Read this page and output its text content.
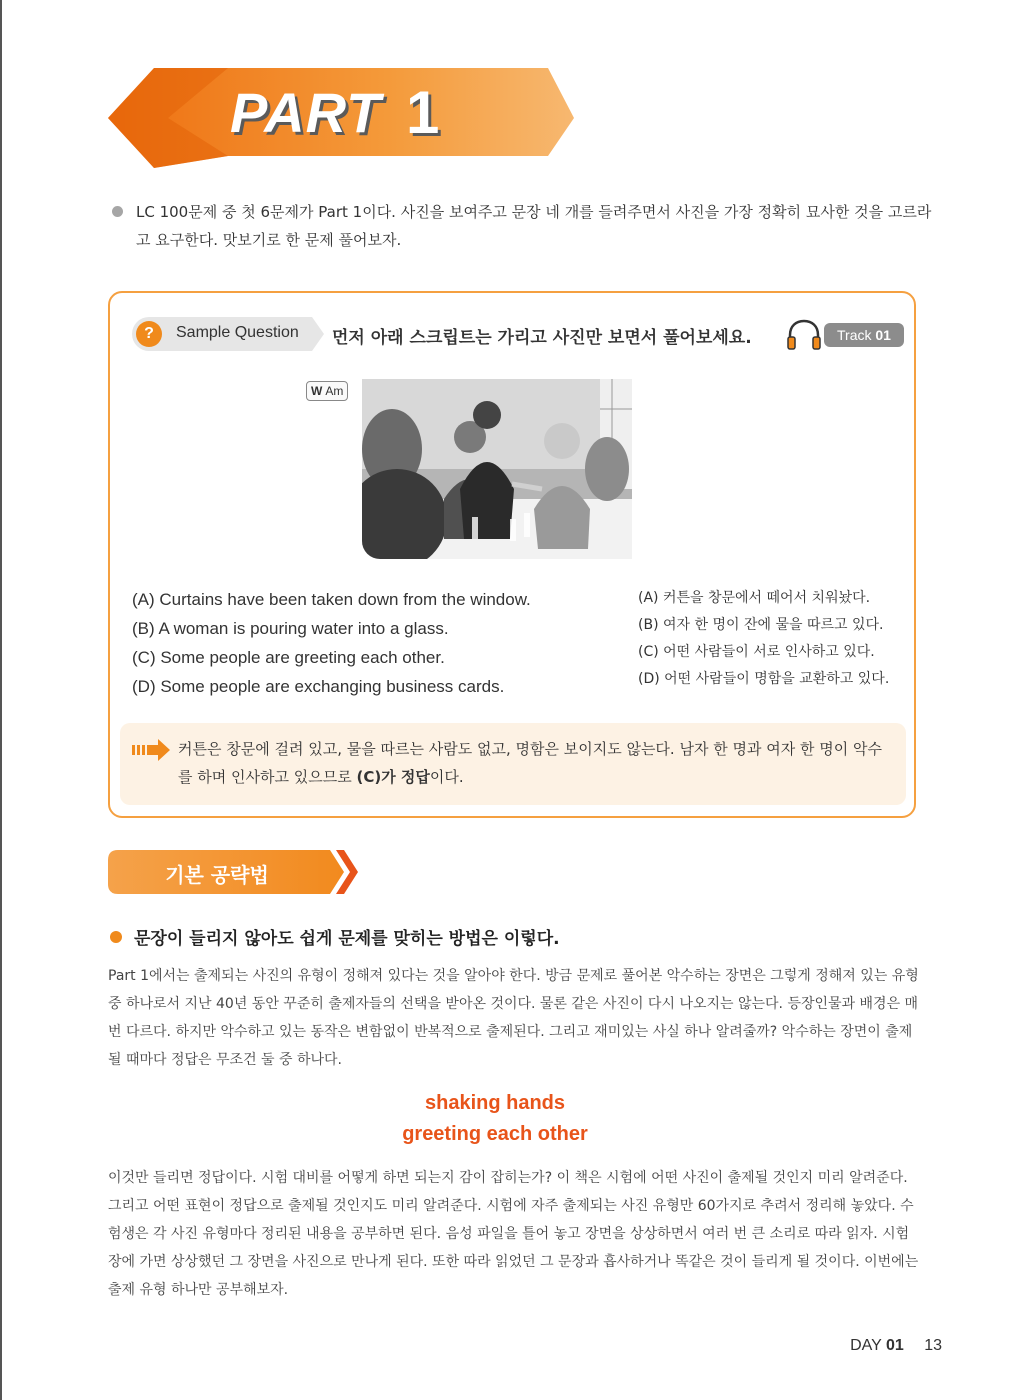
PART 1

LC 100문제 중 첫 6문제가 Part 1이다. 사진을 보여주고 문장 네 개를 들려주면서 사진을 가장 정확히 묘사한 것을 고르라고 요구한다. 맛보기로 한 문제 풀어보자.

?	Sample Question 먼저 아래 스크립트는 가리고 사진만 보면서 풀어보세요.	Track 01
W Am
(A) Curtains have been taken down from the window.
(B) A woman is pouring water into a glass.
(C) Some people are greeting each other.
(D) Some people are exchanging business cards.
(A) 커튼을 창문에서 떼어서 치워놨다.
(B) 여자 한 명이 잔에 물을 따르고 있다.
(C) 어떤 사람들이 서로 인사하고 있다.
(D) 어떤 사람들이 명함을 교환하고 있다.

커튼은 창문에 걸려 있고, 물을 따르는 사람도 없고, 명함은 보이지도 않는다. 남자 한 명과 여자 한 명이 악수를 하며 인사하고 있으므로 (C)가 정답이다.

기본 공략법
문장이 들리지 않아도 쉽게 문제를 맞히는 방법은 이렇다.

Part 1에서는 출제되는 사진의 유형이 정해져 있다는 것을 알아야 한다. 방금 문제로 풀어본 악수하는 장면은 그렇게 정해져 있는 유형 중 하나로서 지난 40년 동안 꾸준히 출제자들의 선택을 받아온 것이다. 물론 같은 사진이 다시 나오지는 않는다. 등장인물과 배경은 매번 다르다. 하지만 악수하고 있는 동작은 변함없이 반복적으로 출제된다. 그리고 재미있는 사실 하나 알려줄까? 악수하는 장면이 출제될 때마다 정답은 무조건 둘 중 하나다.

shaking hands
greeting each other

이것만 들리면 정답이다. 시험 대비를 어떻게 하면 되는지 감이 잡히는가? 이 책은 시험에 어떤 사진이 출제될 것인지 미리 알려준다. 그리고 어떤 표현이 정답으로 출제될 것인지도 미리 알려준다. 시험에 자주 출제되는 사진 유형만 60가지로 추려서 정리해 놓았다. 수험생은 각 사진 유형마다 정리된 내용을 공부하면 된다. 음성 파일을 틀어 놓고 장면을 상상하면서 여러 번 큰 소리로 따라 읽자. 시험장에 가면 상상했던 그 장면을 사진으로 만나게 된다. 또한 따라 읽었던 그 문장과 흡사하거나 똑같은 것이 들리게 될 것이다. 이번에는 출제 유형 하나만 공부해보자.

DAY 01 13
